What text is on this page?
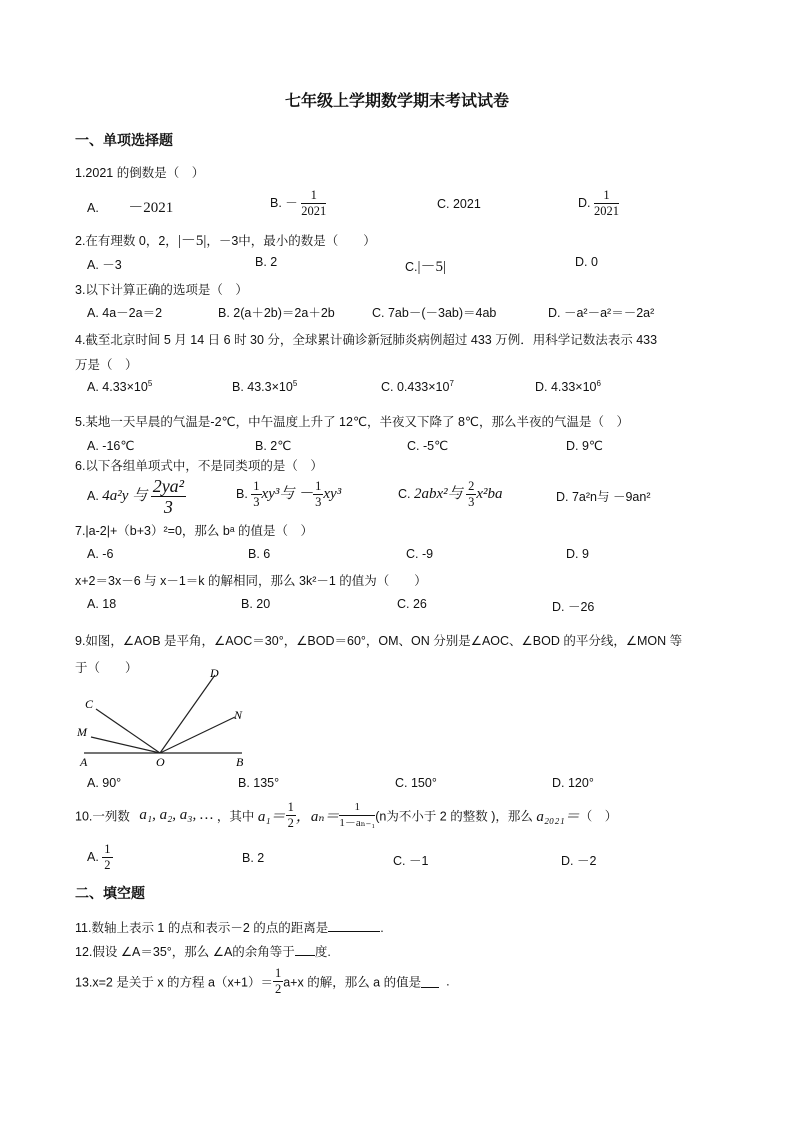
七年级上学期数学期末考试试卷
一、单项选择题
1.2021 的倒数是（　）
A. －2021	B. － $\frac{1}{2021}$	C. 2021	D. $\frac{1}{2021}$
2.在有理数 0，2，|－5|，－3中，最小的数是（　　）
A. －3	B. 2	C.|－5|	D. 0
3.以下计算正确的选项是（　）
A. 4a－2a＝2	B. 2(a＋2b)＝2a＋2b	C. 7ab－(－3ab)＝4ab	D. －a²－a²＝－2a²
4.截至北京时间 5 月 14 日 6 时 30 分，全球累计确诊新冠肺炎病例超过 433 万例．用科学记数法表示 433
万是（　）
A. $4.33\times 10^5$	B. $43.3\times 10^5$	C. $0.433\times 10^7$	D. $4.33\times 10^6$
5.某地一天早晨的气温是-2℃，中午温度上升了 12℃，半夜又下降了 8℃，那么半夜的气温是（　）
A. -16℃	B. 2℃	C. -5℃	D. 9℃
6.以下各组单项式中，不是同类项的是（　）
A. 4a²y 与 $\frac{\text{2ya²}}{3}$	B. $\frac{1}{3} xy^3$与 － $\frac{1}{3} xy^3$	C. 2abx²与 $\frac{2}{3} x^2ba$	D. 7a²n与 －9an²
7.|a-2|+（b+3）²=0，那么 bᵃ 的值是（　）
A. -6	B. 6	C. -9	D. 9
x+2＝3x－6 与 x－1＝k 的解相同，那么 3k²－1 的值为（　　）
A. 18	B. 20	C. 26	D. －26
9.如图，∠AOB 是平角，∠AOC＝30°，∠BOD＝60°，OM、ON 分别是∠AOC、∠BOD 的平分线，∠MON 等
于（　　）
A	O	B
C
M
D
N
A. 90°	B. 135°	C. 150°	D. 120°
10.一列数 a₁, a₂, a₃, … ，其中 $a_1= \frac{1}{2}$ ，$a_n= \frac{1}{\text{1－aₙ₋₁}} (n$为不小于 2 的整数 )，那么 a₂₀₂₁＝（　）
A. $\frac{1}{2}$	B. 2	C. －1	D. －2
二、填空题
11.数轴上表示 1 的点和表示－2 的点的距离是	.
12.假设 ∠A＝35°，那么 ∠A的余角等于 度.
13.x=2 是关于 x 的方程 $a(x+1)= \frac{1}{2} a+x$ 的解，那么 a 的值是 .
